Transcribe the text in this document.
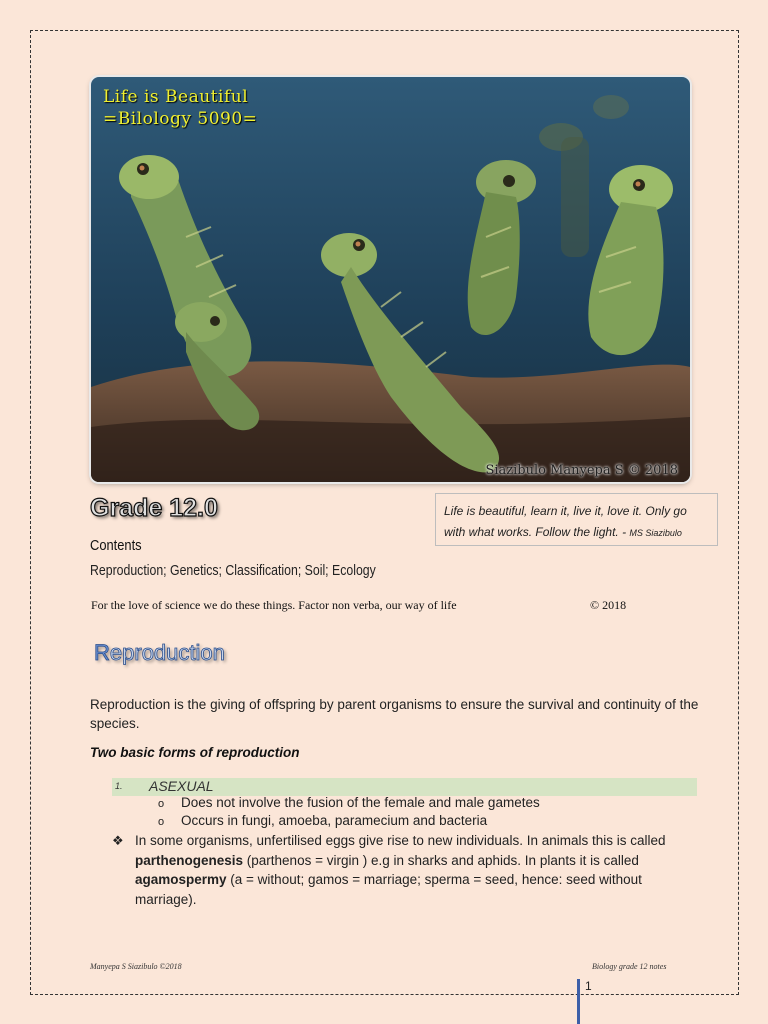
Life is Beautiful
=Bilology 5090=
Siazibulo Manyepa S © 2018
Grade 12.0	Life is beautiful, learn it, live it, love it. Only go with what works. Follow the light. - MS Siazibulo
Contents
Reproduction; Genetics; Classification; Soil; Ecology
For the love of science we do these things. Factor non verba, our way of life	© 2018
Reproduction
Reproduction is the giving of offspring by parent organisms to ensure the survival and continuity of the species.
Two basic forms of reproduction
1. ASEXUAL
o Does not involve the fusion of the female and male gametes
o Occurs in fungi, amoeba, paramecium and bacteria
❖ In some organisms, unfertilised eggs give rise to new individuals. In animals this is called parthenogenesis (parthenos = virgin ) e.g in sharks and aphids. In plants it is called agamospermy (a = without; gamos = marriage; sperma = seed, hence: seed without marriage).
Manyepa S Siazibulo ©2018	Biology grade 12 notes
1
